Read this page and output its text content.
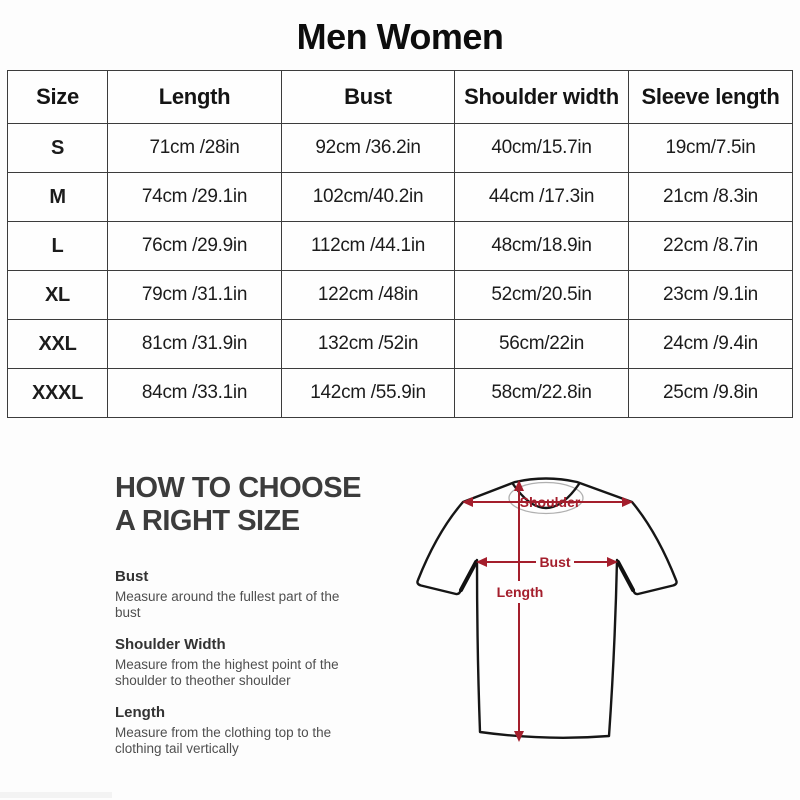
Men Women
Size	Length	Bust	Shoulder width	Sleeve length
S	71cm /28in	92cm /36.2in	40cm/15.7in	19cm/7.5in
M	74cm /29.1in	102cm/40.2in	44cm /17.3in	21cm /8.3in
L	76cm /29.9in	112cm /44.1in	48cm/18.9in	22cm /8.7in
XL	79cm /31.1in	122cm /48in	52cm/20.5in	23cm /9.1in
XXL	81cm /31.9in	132cm /52in	56cm/22in	24cm /9.4in
XXXL	84cm /33.1in	142cm /55.9in	58cm/22.8in	25cm /9.8in
HOW TO CHOOSE
A RIGHT SIZE
Bust
Measure around the fullest part of the bust
Shoulder Width
Measure from the highest point of the shoulder to theother shoulder
Length
Measure from the clothing top to the clothing tail vertically
Shoulder
Bust
Length
